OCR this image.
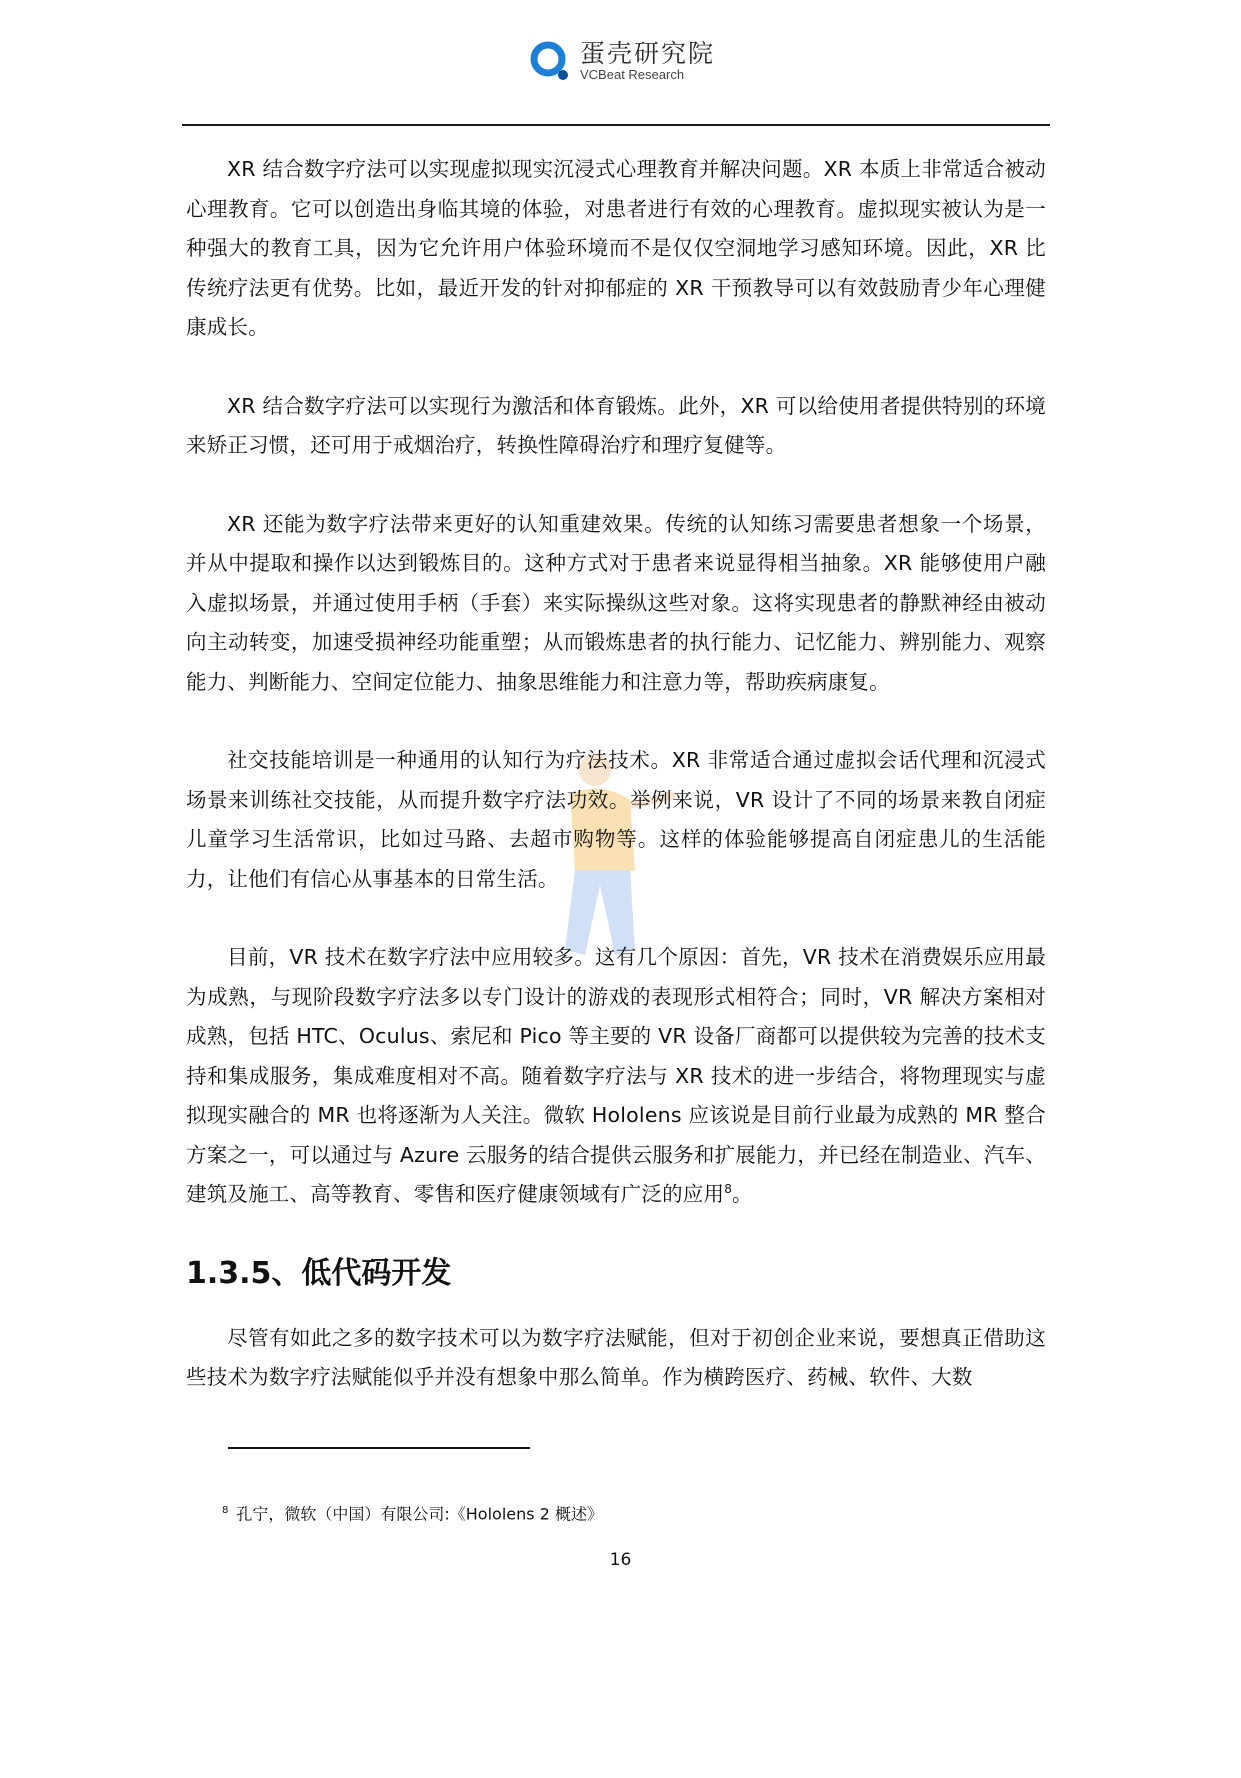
蛋壳研究院
VCBeat Research

XR 结合数字疗法可以实现虚拟现实沉浸式心理教育并解决问题。XR 本质上非常适合被动心理教育。它可以创造出身临其境的体验，对患者进行有效的心理教育。虚拟现实被认为是一种强大的教育工具，因为它允许用户体验环境而不是仅仅空洞地学习感知环境。因此，XR 比传统疗法更有优势。比如，最近开发的针对抑郁症的 XR 干预教导可以有效鼓励青少年心理健康成长。

XR 结合数字疗法可以实现行为激活和体育锻炼。此外，XR 可以给使用者提供特别的环境来矫正习惯，还可用于戒烟治疗，转换性障碍治疗和理疗复健等。

XR 还能为数字疗法带来更好的认知重建效果。传统的认知练习需要患者想象一个场景，并从中提取和操作以达到锻炼目的。这种方式对于患者来说显得相当抽象。XR 能够使用户融入虚拟场景，并通过使用手柄（手套）来实际操纵这些对象。这将实现患者的静默神经由被动向主动转变，加速受损神经功能重塑；从而锻炼患者的执行能力、记忆能力、辨别能力、观察能力、判断能力、空间定位能力、抽象思维能力和注意力等，帮助疾病康复。

社交技能培训是一种通用的认知行为疗法技术。XR 非常适合通过虚拟会话代理和沉浸式场景来训练社交技能，从而提升数字疗法功效。举例来说，VR 设计了不同的场景来教自闭症儿童学习生活常识，比如过马路、去超市购物等。这样的体验能够提高自闭症患儿的生活能力，让他们有信心从事基本的日常生活。

目前，VR 技术在数字疗法中应用较多。这有几个原因：首先，VR 技术在消费娱乐应用最为成熟，与现阶段数字疗法多以专门设计的游戏的表现形式相符合；同时，VR 解决方案相对成熟，包括 HTC、Oculus、索尼和 Pico 等主要的 VR 设备厂商都可以提供较为完善的技术支持和集成服务，集成难度相对不高。随着数字疗法与 XR 技术的进一步结合，将物理现实与虚拟现实融合的 MR 也将逐渐为人关注。微软 Hololens 应该说是目前行业最为成熟的 MR 整合方案之一，可以通过与 Azure 云服务的结合提供云服务和扩展能力，并已经在制造业、汽车、建筑及施工、高等教育、零售和医疗健康领域有广泛的应用$^8$。

1.3.5、低代码开发

尽管有如此之多的数字技术可以为数字疗法赋能，但对于初创企业来说，要想真正借助这些技术为数字疗法赋能似乎并没有想象中那么简单。作为横跨医疗、药械、软件、大数

$^8$ 孔宁，微软（中国）有限公司:《Hololens 2 概述》
16
